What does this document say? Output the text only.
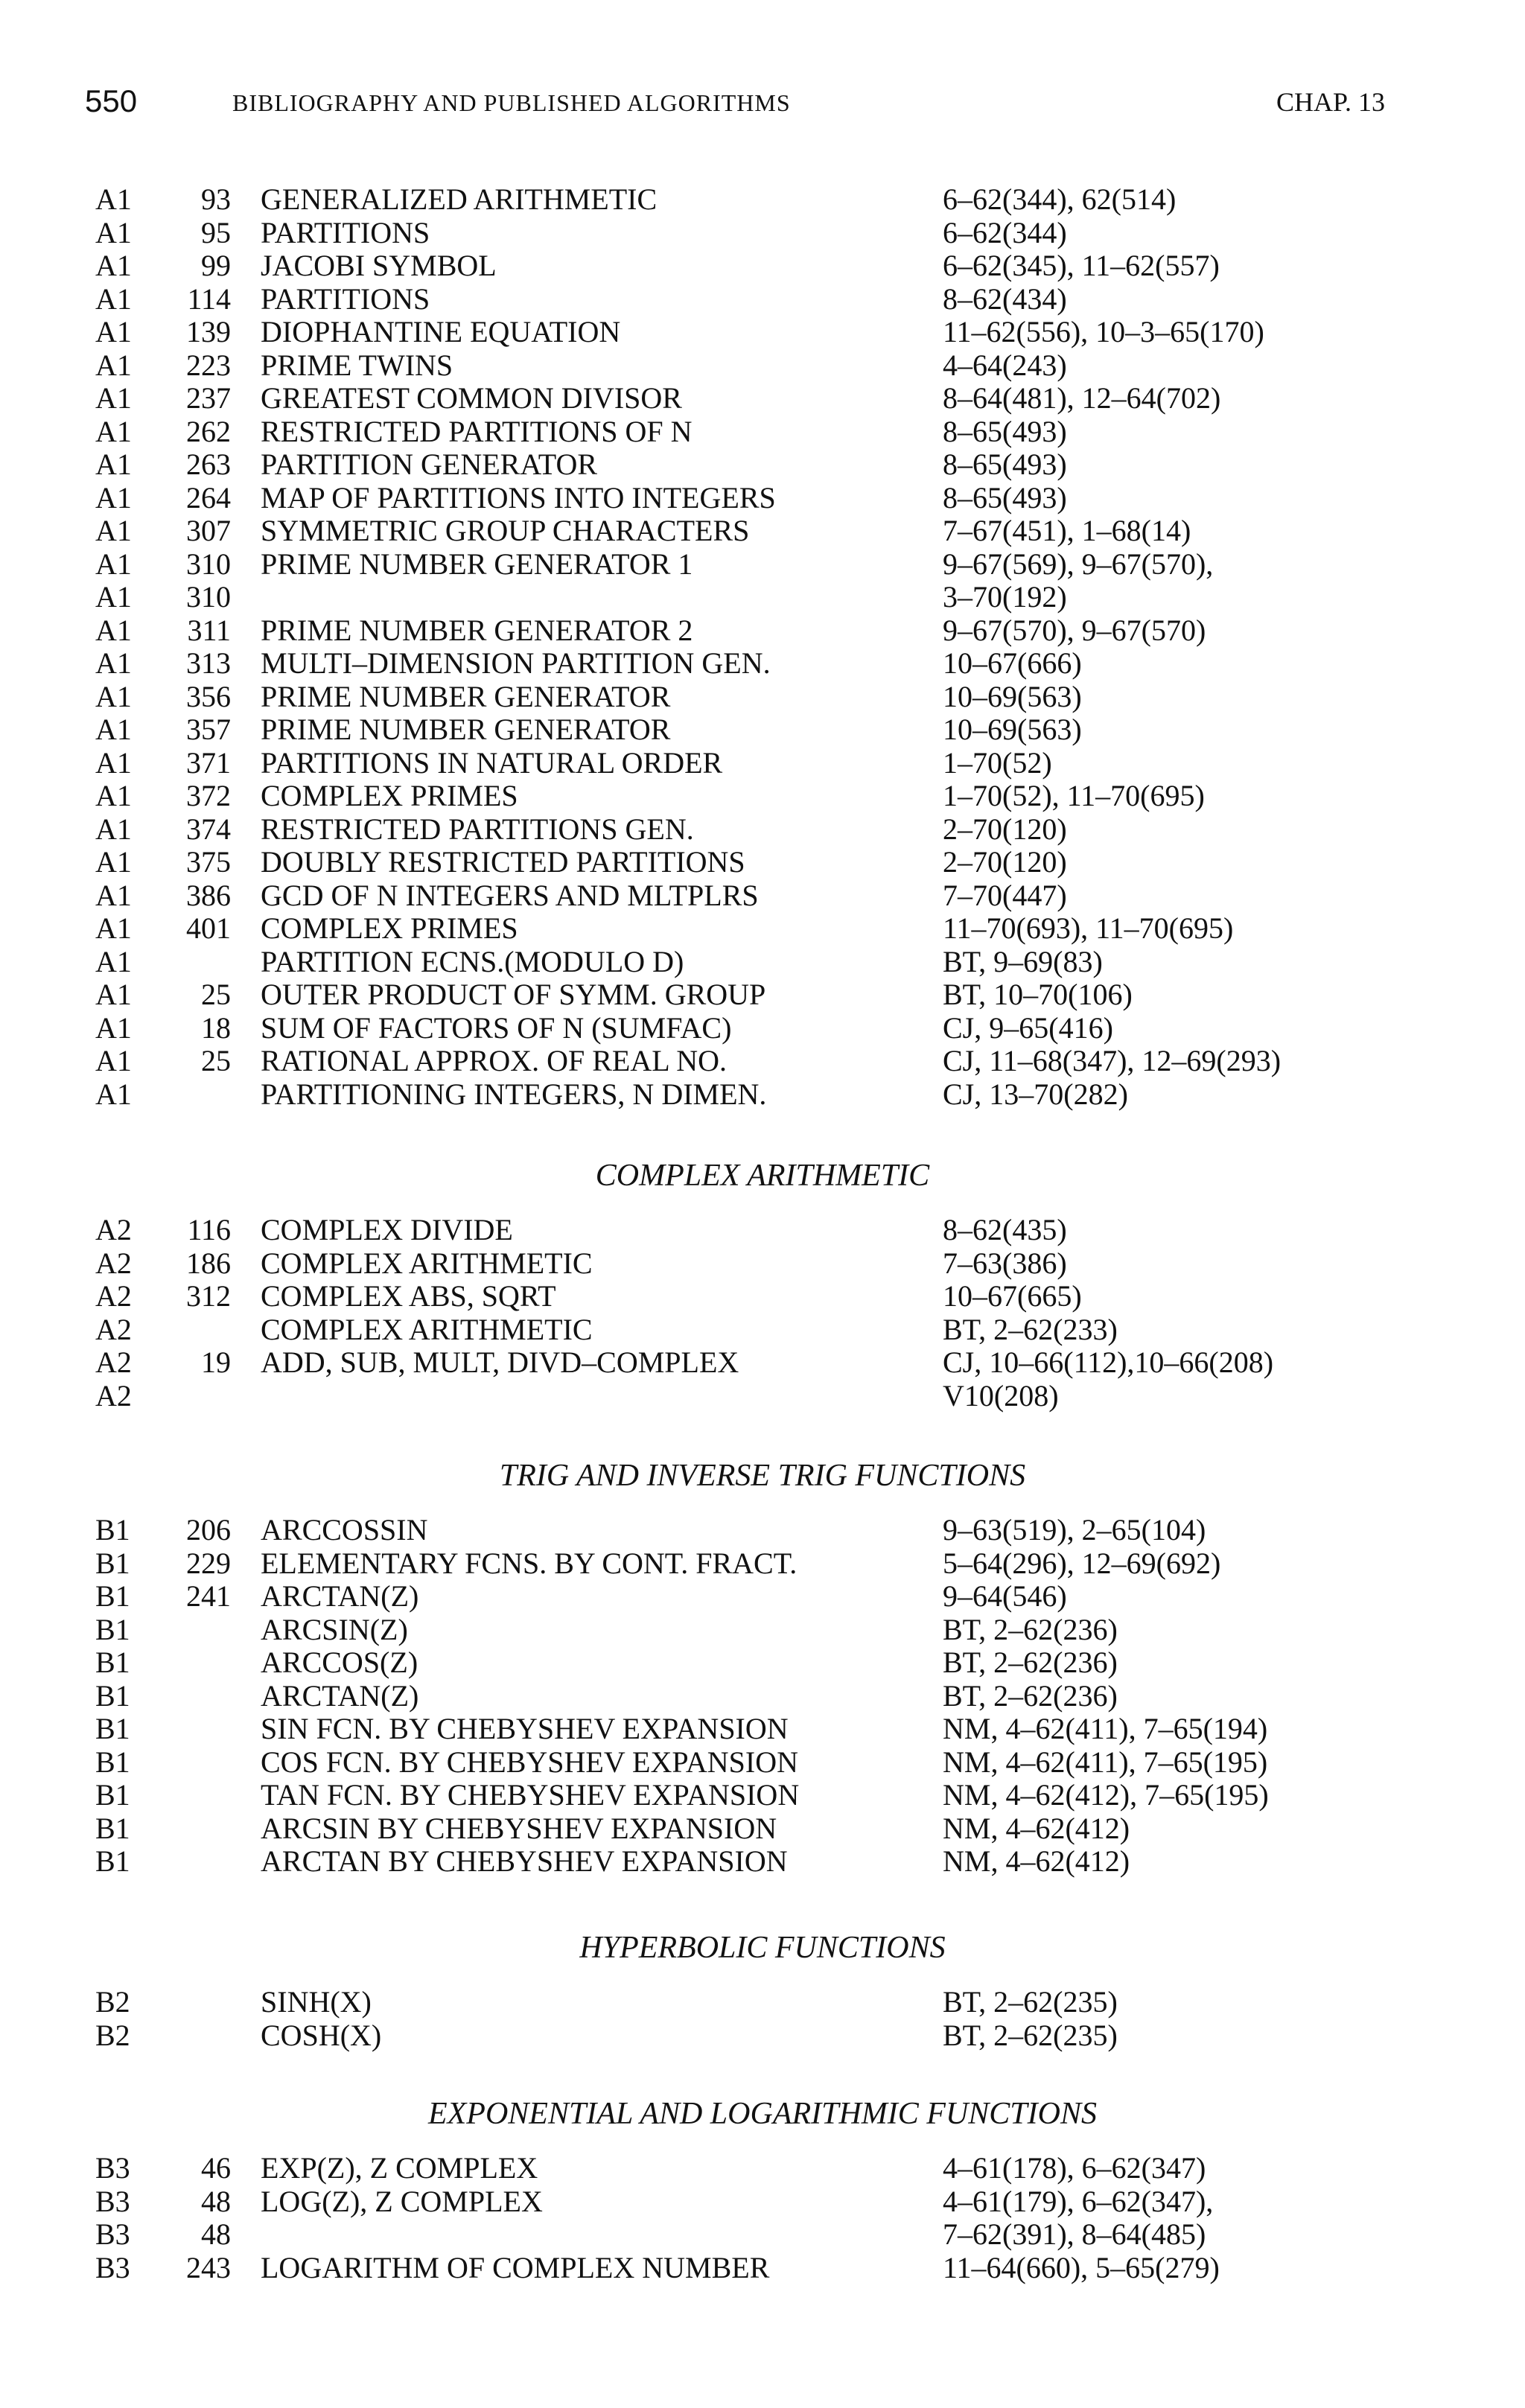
550	BIBLIOGRAPHY AND PUBLISHED ALGORITHMS	CHAP. 13
A1	93 GENERALIZED ARITHMETIC	6–62(344), 62(514)
A1	95 PARTITIONS	6–62(344)
A1	99 JACOBI SYMBOL	6–62(345), 11–62(557)
A1	114 PARTITIONS	8–62(434)
A1	139 DIOPHANTINE EQUATION	11–62(556), 10–3–65(170)
A1	223 PRIME TWINS	4–64(243)
A1	237 GREATEST COMMON DIVISOR	8–64(481), 12–64(702)
A1	262 RESTRICTED PARTITIONS OF N	8–65(493)
A1	263 PARTITION GENERATOR	8–65(493)
A1	264 MAP OF PARTITIONS INTO INTEGERS	8–65(493)
A1	307 SYMMETRIC GROUP CHARACTERS	7–67(451), 1–68(14)
A1	310 PRIME NUMBER GENERATOR 1	9–67(569), 9–67(570),
A1	310	3–70(192)
A1	311 PRIME NUMBER GENERATOR 2	9–67(570), 9–67(570)
A1	313 MULTI–DIMENSION PARTITION GEN.	10–67(666)
A1	356 PRIME NUMBER GENERATOR	10–69(563)
A1	357 PRIME NUMBER GENERATOR	10–69(563)
A1	371 PARTITIONS IN NATURAL ORDER	1–70(52)
A1	372 COMPLEX PRIMES	1–70(52), 11–70(695)
A1	374 RESTRICTED PARTITIONS GEN.	2–70(120)
A1	375 DOUBLY RESTRICTED PARTITIONS	2–70(120)
A1	386 GCD OF N INTEGERS AND MLTPLRS	7–70(447)
A1	401 COMPLEX PRIMES	11–70(693), 11–70(695)
A1	PARTITION ECNS.(MODULO D)	BT, 9–69(83)
A1	25 OUTER PRODUCT OF SYMM. GROUP	BT, 10–70(106)
A1	18 SUM OF FACTORS OF N (SUMFAC)	CJ, 9–65(416)
A1	25 RATIONAL APPROX. OF REAL NO.	CJ, 11–68(347), 12–69(293)
A1	PARTITIONING INTEGERS, N DIMEN.	CJ, 13–70(282)
COMPLEX ARITHMETIC
A2	116 COMPLEX DIVIDE	8–62(435)
A2	186 COMPLEX ARITHMETIC	7–63(386)
A2	312 COMPLEX ABS, SQRT	10–67(665)
A2	COMPLEX ARITHMETIC	BT, 2–62(233)
A2	19 ADD, SUB, MULT, DIVD–COMPLEX	CJ, 10–66(112),10–66(208)
A2	V10(208)
TRIG AND INVERSE TRIG FUNCTIONS
B1	206 ARCCOSSIN	9–63(519), 2–65(104)
B1	229 ELEMENTARY FCNS. BY CONT. FRACT.	5–64(296), 12–69(692)
B1	241 ARCTAN(Z)	9–64(546)
B1	ARCSIN(Z)	BT, 2–62(236)
B1	ARCCOS(Z)	BT, 2–62(236)
B1	ARCTAN(Z)	BT, 2–62(236)
B1	SIN FCN. BY CHEBYSHEV EXPANSION	NM, 4–62(411), 7–65(194)
B1	COS FCN. BY CHEBYSHEV EXPANSION	NM, 4–62(411), 7–65(195)
B1	TAN FCN. BY CHEBYSHEV EXPANSION	NM, 4–62(412), 7–65(195)
B1	ARCSIN BY CHEBYSHEV EXPANSION	NM, 4–62(412)
B1	ARCTAN BY CHEBYSHEV EXPANSION	NM, 4–62(412)
HYPERBOLIC FUNCTIONS
B2	SINH(X)	BT, 2–62(235)
B2	COSH(X)	BT, 2–62(235)
EXPONENTIAL AND LOGARITHMIC FUNCTIONS
B3	46 EXP(Z), Z COMPLEX	4–61(178), 6–62(347)
B3	48 LOG(Z), Z COMPLEX	4–61(179), 6–62(347),
B3	48	7–62(391), 8–64(485)
B3	243 LOGARITHM OF COMPLEX NUMBER	11–64(660), 5–65(279)
